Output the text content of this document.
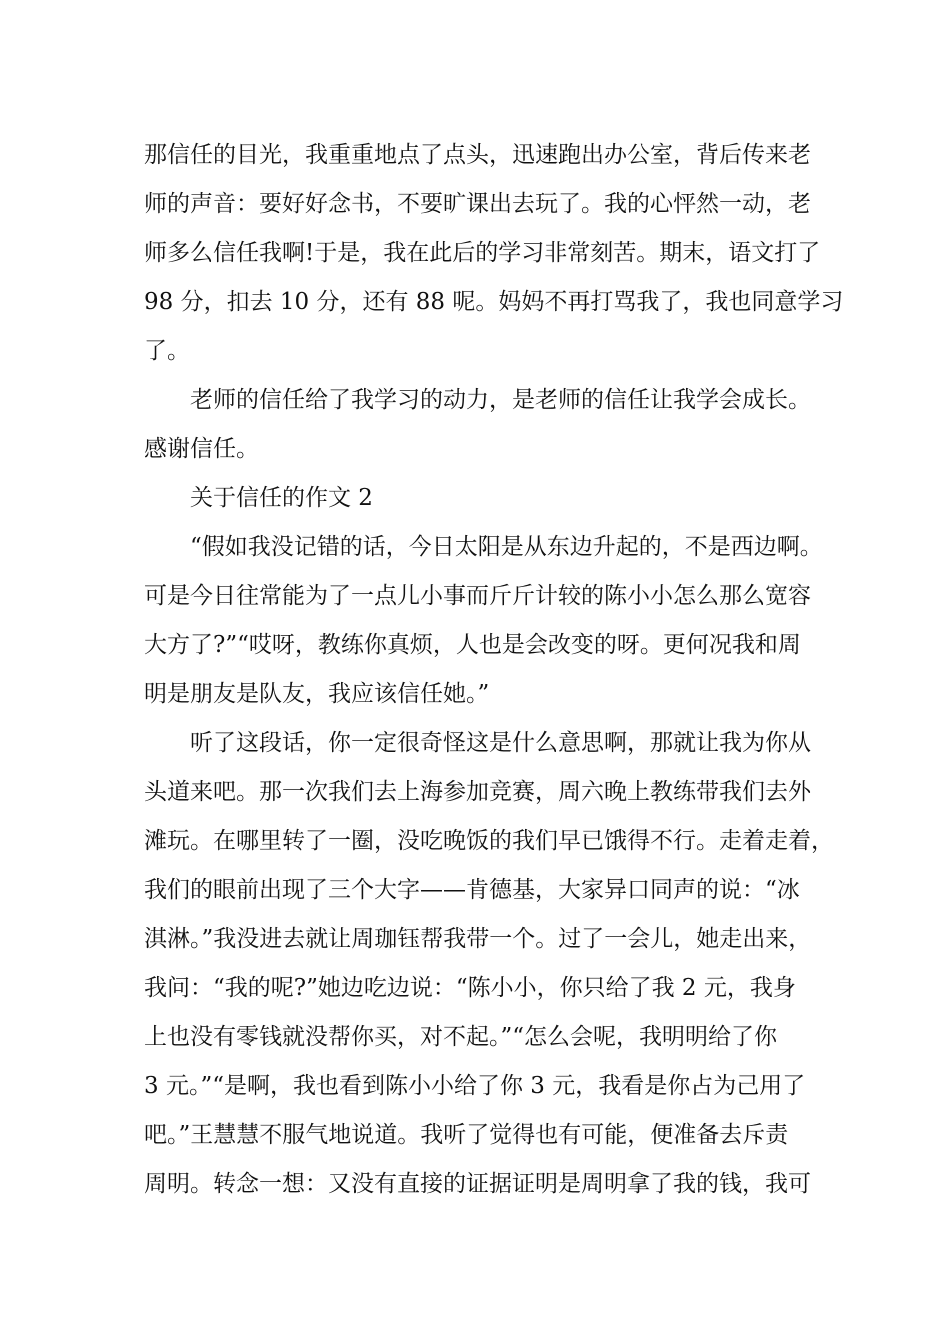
那信任的目光，我重重地点了点头，迅速跑出办公室，背后传来老
师的声音：要好好念书，不要旷课出去玩了。我的心怦然一动，老
师多么信任我啊!于是，我在此后的学习非常刻苦。期末，语文打了
98 分，扣去 10 分，还有 88 呢。妈妈不再打骂我了，我也同意学习
了。
　　老师的信任给了我学习的动力，是老师的信任让我学会成长。
感谢信任。
　　关于信任的作文 2
　　“假如我没记错的话，今日太阳是从东边升起的，不是西边啊。
可是今日往常能为了一点儿小事而斤斤计较的陈小小怎么那么宽容
大方了?”“哎呀，教练你真烦，人也是会改变的呀。更何况我和周
明是朋友是队友，我应该信任她。”
　　听了这段话，你一定很奇怪这是什么意思啊，那就让我为你从
头道来吧。那一次我们去上海参加竞赛，周六晚上教练带我们去外
滩玩。在哪里转了一圈，没吃晚饭的我们早已饿得不行。走着走着，
我们的眼前出现了三个大字——肯德基，大家异口同声的说：“冰
淇淋。”我没进去就让周珈钰帮我带一个。过了一会儿，她走出来，
我问：“我的呢?”她边吃边说：“陈小小，你只给了我 2 元，我身
上也没有零钱就没帮你买，对不起。”“怎么会呢，我明明给了你
3 元。”“是啊，我也看到陈小小给了你 3 元，我看是你占为己用了
吧。”王慧慧不服气地说道。我听了觉得也有可能，便准备去斥责
周明。转念一想：又没有直接的证据证明是周明拿了我的钱，我可
